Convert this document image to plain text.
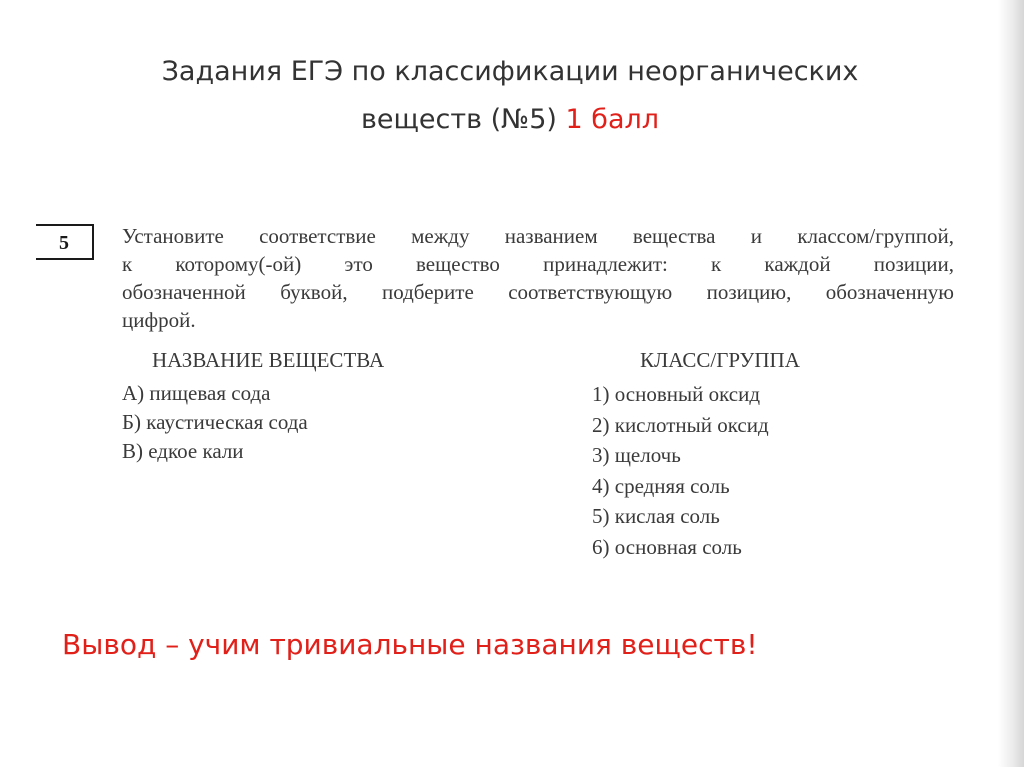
Задания ЕГЭ по классификации неорганических
веществ (№5) 1 балл
5	Установите соответствие между названием вещества и классом/группой,
к которому(-ой) это вещество принадлежит: к каждой позиции,
обозначенной буквой, подберите соответствующую позицию, обозначенную
цифрой.
НАЗВАНИЕ ВЕЩЕСТВА
А) пищевая сода
Б) каустическая сода
В) едкое кали
КЛАСС/ГРУППА
1) основный оксид
2) кислотный оксид
3) щелочь
4) средняя соль
5) кислая соль
6) основная соль
Вывод – учим тривиальные названия веществ!
